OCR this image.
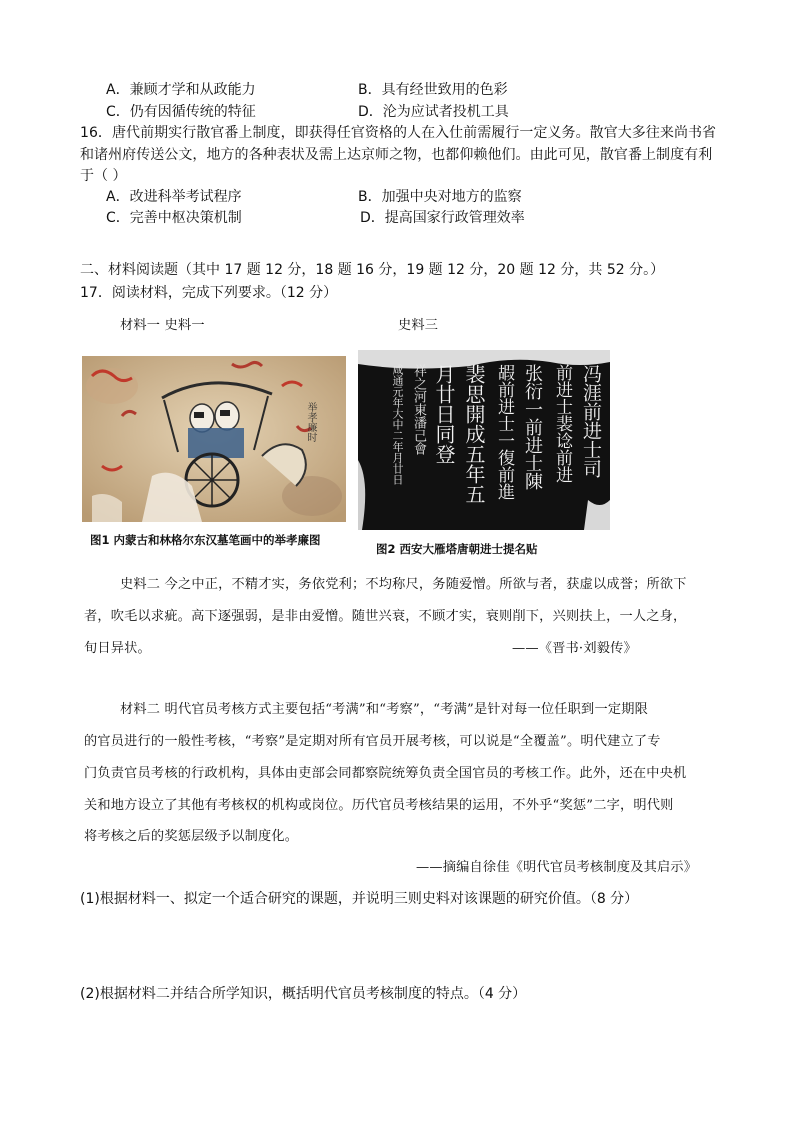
A．兼顾才学和从政能力	B．具有经世致用的色彩
C．仍有因循传统的特征	D．沦为应试者投机工具
16．唐代前期实行散官番上制度，即获得任官资格的人在入仕前需履行一定义务。散官大多往来尚书省
和诸州府传送公文，地方的各种表状及需上达京师之物，也都仰赖他们。由此可见，散官番上制度有利
于（ ）
A．改进科举考试程序	B．加强中央对地方的监察
C．完善中枢决策机制	D．提高国家行政管理效率
二、材料阅读题（其中 17 题 12 分，18 题 16 分，19 题 12 分，20 题 12 分，共 52 分。）
17．阅读材料，完成下列要求。（12 分）
材料一 史料一	史料三
举孝廉时
图1 内蒙古和林格尔东汉墓笔画中的举孝廉图
冯涯前进士司
前进士裴谂前进
张衍一前进士陳
嘏前进士一復前進
裴思開成五年五
月廿日同登
祥之河東潘己會
咸通元年大中二年月廿日
图2 西安大雁塔唐朝进士提名贴
史料二 今之中正，不精才实，务依党利；不均称尺，务随爱憎。所欲与者，获虚以成誉；所欲下
者，吹毛以求疵。高下逐强弱，是非由爱憎。随世兴衰，不顾才实，衰则削下，兴则扶上，一人之身，
旬日异状。	——《晋书·刘毅传》
材料二 明代官员考核方式主要包括“考满”和“考察”，“考满”是针对每一位任职到一定期限
的官员进行的一般性考核，“考察”是定期对所有官员开展考核，可以说是“全覆盖”。明代建立了专
门负责官员考核的行政机构，具体由吏部会同都察院统筹负责全国官员的考核工作。此外，还在中央机
关和地方设立了其他有考核权的机构或岗位。历代官员考核结果的运用，不外乎“奖惩”二字，明代则
将考核之后的奖惩层级予以制度化。
——摘编自徐佳《明代官员考核制度及其启示》
(1)根据材料一、拟定一个适合研究的课题，并说明三则史料对该课题的研究价值。（8 分）
(2)根据材料二并结合所学知识，概括明代官员考核制度的特点。（4 分）
